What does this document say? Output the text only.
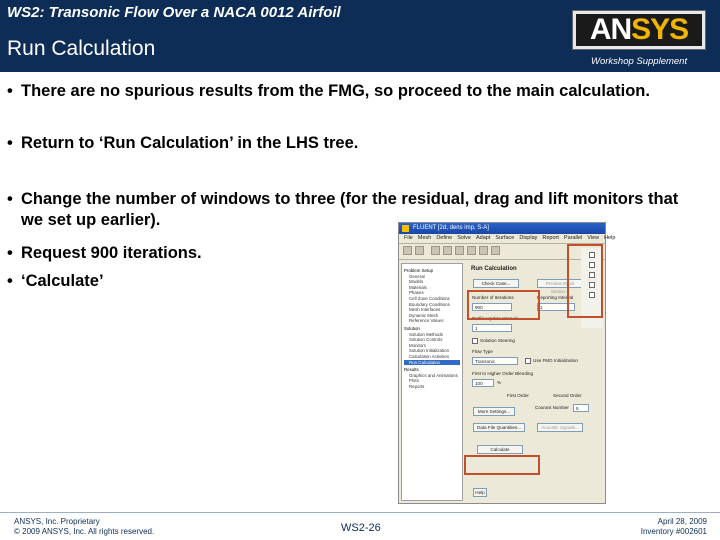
WS2: Transonic Flow Over a NACA 0012 Airfoil
Run Calculation
ANSYS
Workshop Supplement
• There are no spurious results from the FMG, so proceed to the main calculation.
• Return to ‘Run Calculation’ in the LHS tree.
• Change the number of windows to three (for the residual, drag and lift monitors that we set up earlier).
• Request 900 iterations.
• ‘Calculate’
FLUENT [2d, dens imp, S-A]
File Mesh Define Solve Adapt Surface Display Report Parallel View Help
Problem Setup
General
Models
Materials
Phases
Cell Zone Conditions
Boundary Conditions
Mesh Interfaces
Dynamic Mesh
Reference Values
Solution
Solution Methods
Solution Controls
Monitors
Solution Initialization
Calculation Activities
Run Calculation
Results
Graphics and Animations
Plots
Reports
Run Calculation
Check Case...	Preview Mesh Motion...
Number of Iterations
900
Reporting Interval
1
Profile Update Interval
1
Solution Steering
Flow Type
Transonic	Use FMG Initialization
First to Higher Order Blending
100	%
First Order	Second Order
Courant Number	5
More Settings...
Data File Quantities...	Acoustic Signals...
Calculate
Help
ANSYS, Inc. Proprietary
© 2009 ANSYS, Inc. All rights reserved.	WS2-26
April 28, 2009
Inventory #002601
